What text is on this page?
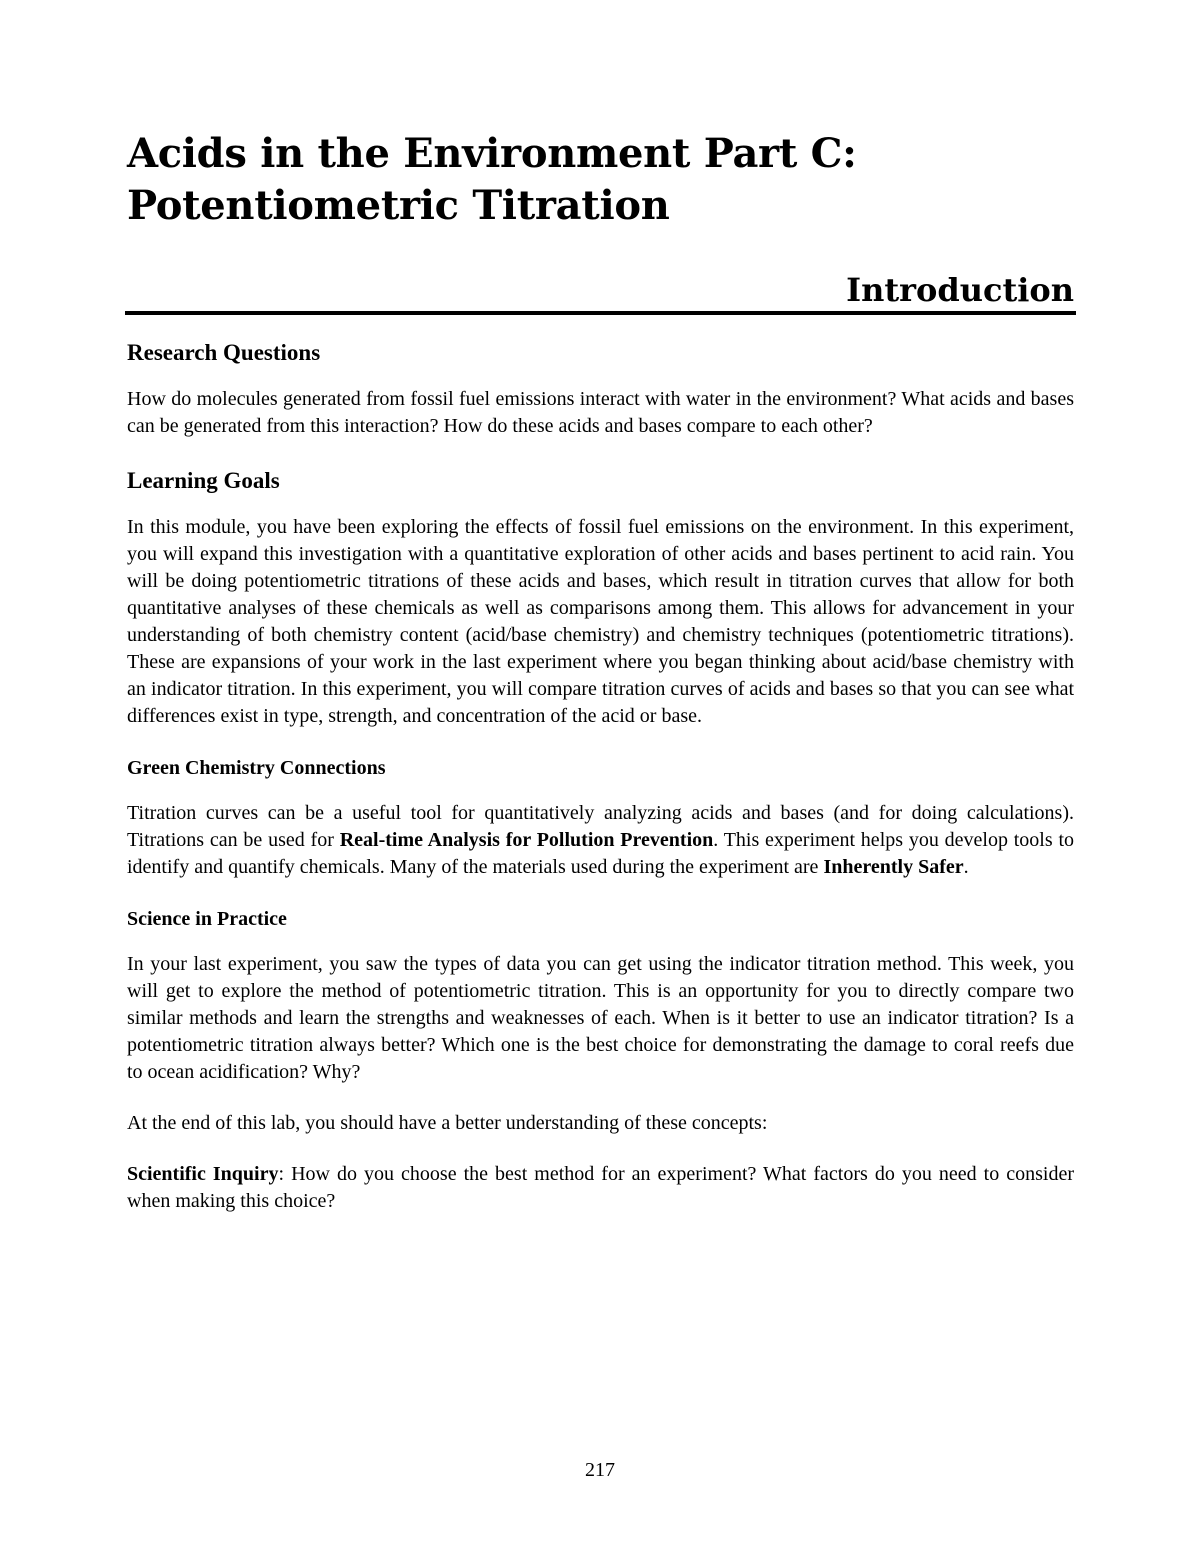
Acids in the Environment Part C:
Potentiometric Titration
Introduction
Research Questions

How do molecules generated from fossil fuel emissions interact with water in the environment? What acids and bases can be generated from this interaction? How do these acids and bases compare to each other?

Learning Goals

In this module, you have been exploring the effects of fossil fuel emissions on the environment. In this experiment, you will expand this investigation with a quantitative exploration of other acids and bases pertinent to acid rain. You will be doing potentiometric titrations of these acids and bases, which result in titration curves that allow for both quantitative analyses of these chemicals as well as comparisons among them. This allows for advancement in your understanding of both chemistry content (acid/base chemistry) and chemistry techniques (potentiometric titrations). These are expansions of your work in the last experiment where you began thinking about acid/base chemistry with an indicator titration. In this experiment, you will compare titration curves of acids and bases so that you can see what differences exist in type, strength, and concentration of the acid or base.

Green Chemistry Connections

Titration curves can be a useful tool for quantitatively analyzing acids and bases (and for doing calculations). Titrations can be used for Real-time Analysis for Pollution Prevention. This experiment helps you develop tools to identify and quantify chemicals. Many of the materials used during the experiment are Inherently Safer.

Science in Practice

In your last experiment, you saw the types of data you can get using the indicator titration method. This week, you will get to explore the method of potentiometric titration. This is an opportunity for you to directly compare two similar methods and learn the strengths and weaknesses of each. When is it better to use an indicator titration? Is a potentiometric titration always better? Which one is the best choice for demonstrating the damage to coral reefs due to ocean acidification? Why?

At the end of this lab, you should have a better understanding of these concepts:

Scientific Inquiry: How do you choose the best method for an experiment? What factors do you need to consider when making this choice?

217
